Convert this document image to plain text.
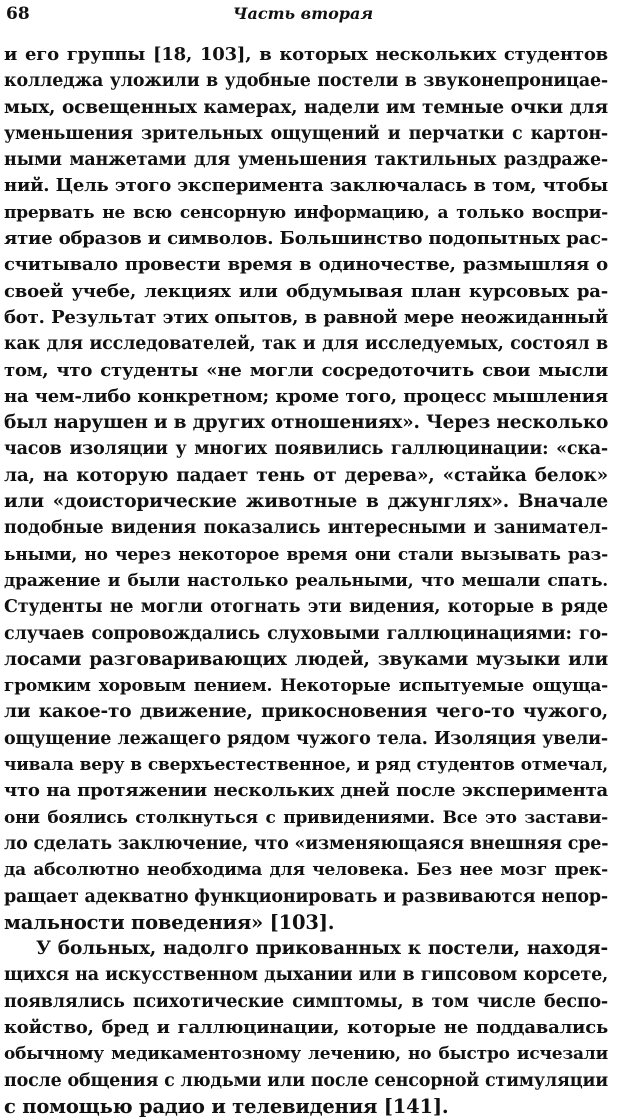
68	Часть вторая
и его группы [18, 103], в которых нескольких студентов
колледжа уложили в удобные постели в звуконепроницае-
мых, освещенных камерах, надели им темные очки для
уменьшения зрительных ощущений и перчатки с картон-
ными манжетами для уменьшения тактильных раздраже-
ний. Цель этого эксперимента заключалась в том, чтобы
прервать не всю сенсорную информацию, а только воспри-
ятие образов и символов. Большинство подопытных рас-
считывало провести время в одиночестве, размышляя о
своей учебе, лекциях или обдумывая план курсовых ра-
бот. Результат этих опытов, в равной мере неожиданный
как для исследователей, так и для исследуемых, состоял в
том, что студенты «не могли сосредоточить свои мысли
на чем-либо конкретном; кроме того, процесс мышления
был нарушен и в других отношениях». Через несколько
часов изоляции у многих появились галлюцинации: «ска-
ла, на которую падает тень от дерева», «стайка белок»
или «доисторические животные в джунглях». Вначале
подобные видения показались интересными и занимател-
ьными, но через некоторое время они стали вызывать раз-
дражение и были настолько реальными, что мешали спать.
Студенты не могли отогнать эти видения, которые в ряде
случаев сопровождались слуховыми галлюцинациями: го-
лосами разговаривающих людей, звуками музыки или
громким хоровым пением. Некоторые испытуемые ощуща-
ли какое-то движение, прикосновения чего-то чужого,
ощущение лежащего рядом чужого тела. Изоляция увели-
чивала веру в сверхъестественное, и ряд студентов отмечал,
что на протяжении нескольких дней после эксперимента
они боялись столкнуться с привидениями. Все это застави-
ло сделать заключение, что «изменяющаяся внешняя сре-
да абсолютно необходима для человека. Без нее мозг прек-
ращает адекватно функционировать и развиваются непор-
мальности поведения» [103].
У больных, надолго прикованных к постели, находя-
щихся на искусственном дыхании или в гипсовом корсете,
появлялись психотические симптомы, в том числе беспо-
койство, бред и галлюцинации, которые не поддавались
обычному медикаментозному лечению, но быстро исчезали
после общения с людьми или после сенсорной стимуляции
с помощью радио и телевидения [141].
